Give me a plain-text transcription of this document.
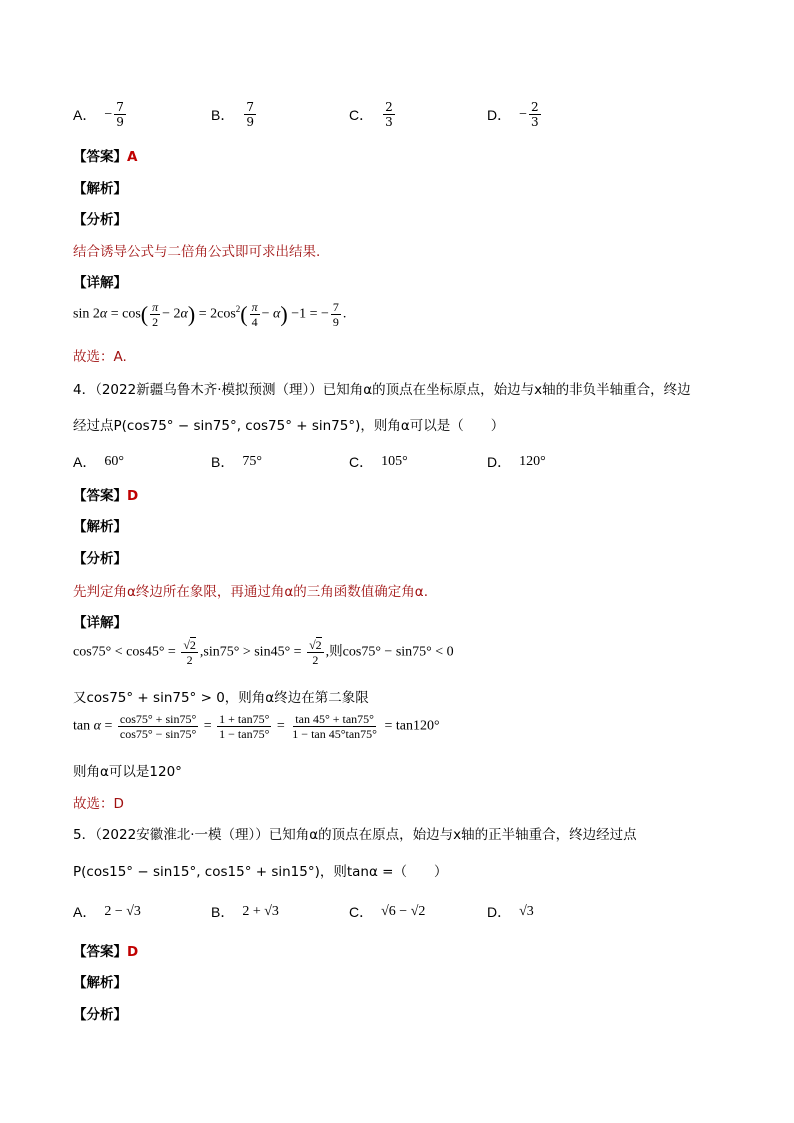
A． − $\frac{7}{9}$	B． $\frac{7}{9}$	C． $\frac{2}{3}$	D． − $\frac{2}{3}$
【答案】A
【解析】
【分析】
结合诱导公式与二倍角公式即可求出结果.
【详解】
$\sin 2\alpha = \cos( \frac{\pi}{2} - 2\alpha) = 2\cos^2( \frac{\pi}{4} - \alpha) -1$ = − $\frac{7}{9}$ .
故选：A.
4．（2022新疆乌鲁木齐·模拟预测（理））已知角α的顶点在坐标原点，始边与x轴的非负半轴重合，终边
经过点P(cos75° − sin75°, cos75° + sin75°)，则角α可以是（　　）
A． 60°	B． 75°	C． 105°	D． 120°
【答案】D
【解析】
【分析】
先判定角α终边所在象限，再通过角α的三角函数值确定角α.
【详解】
$\cos 75^\circ < \cos 45^\circ = \frac{√2}{2} ,\sin 75^\circ > \sin 45^\circ = \frac{√2}{2}$ ,则cos75° − sin75° < 0
又cos75° + sin75° > 0，则角α终边在第二象限
$\tan \alpha = \frac{\cos 75^\circ + \sin 75^\circ}{\cos 75^\circ - \sin 75^\circ} = \frac{1 + \tan 75^\circ}{1 - \tan 75^\circ} = \frac{\tan 45^\circ + \tan 75^\circ}{1 - \tan 45^\circ\tan 75^\circ} = \tan 120^\circ$
则角α可以是120°
故选：D
5．（2022安徽淮北·一模（理））已知角α的顶点在原点，始边与x轴的正半轴重合，终边经过点
P(cos15° − sin15°, cos15° + sin15°)，则tanα =（　　）
A． 2 − √3	B． 2 + √3	C． √6 − √2	D． √3
【答案】D
【解析】
【分析】
